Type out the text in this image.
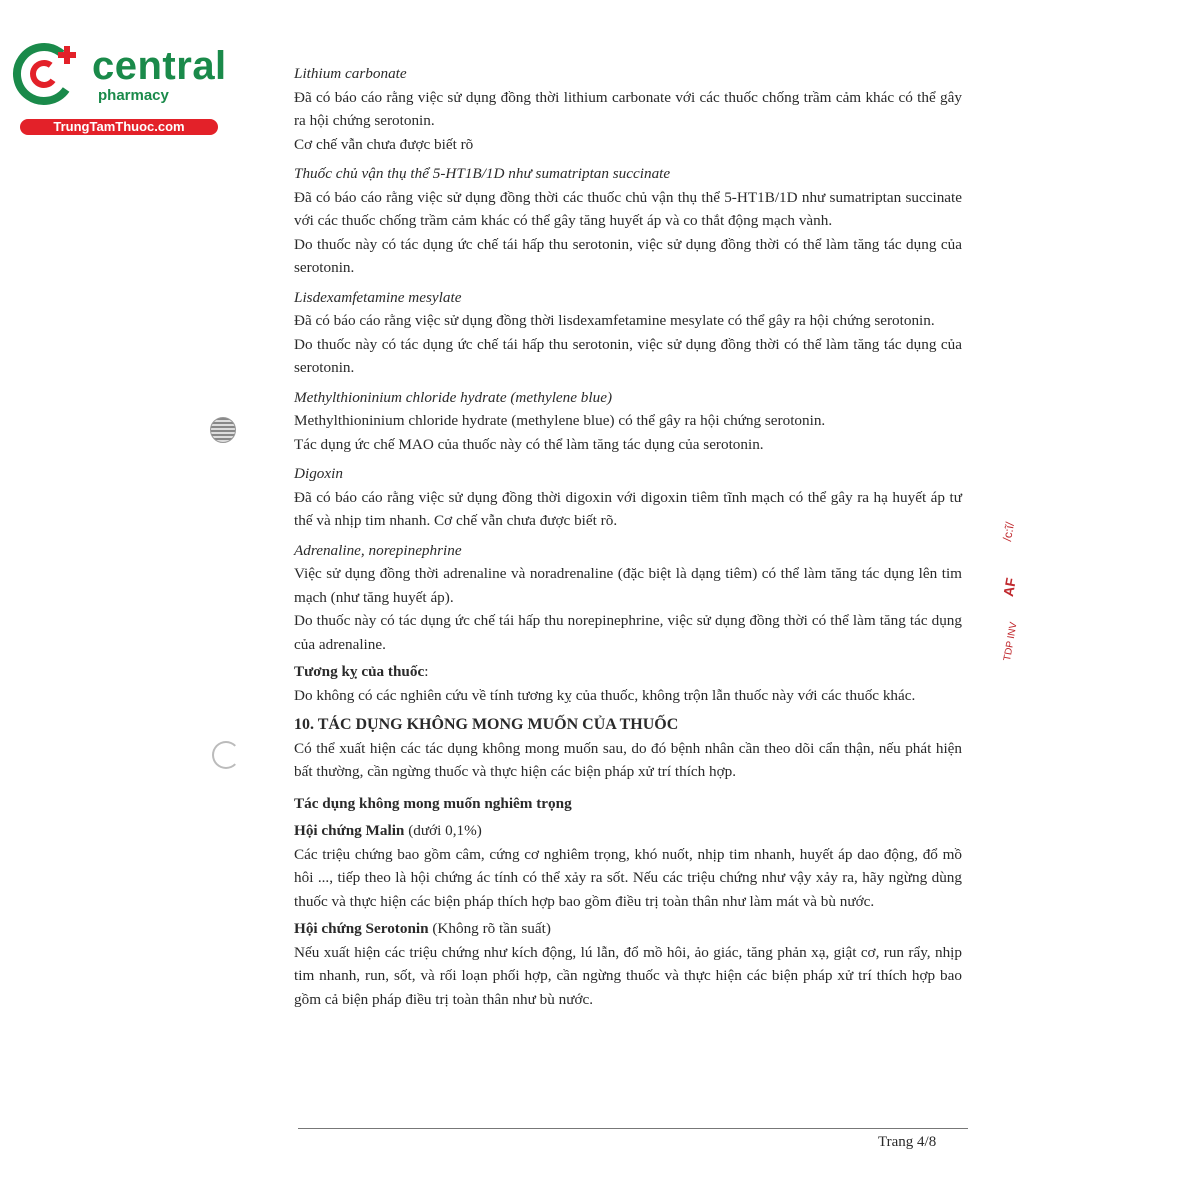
central
pharmacy
TrungTamThuoc.com
/c:ĩ/
AF
TDP INV

Lithium carbonate

Đã có báo cáo rằng việc sử dụng đồng thời lithium carbonate với các thuốc chống trầm cảm khác có thể gây ra hội chứng serotonin.

Cơ chế vẫn chưa được biết rõ

Thuốc chủ vận thụ thể 5-HT1B/1D như sumatriptan succinate

Đã có báo cáo rằng việc sử dụng đồng thời các thuốc chủ vận thụ thể 5-HT1B/1D như sumatriptan succinate với các thuốc chống trầm cảm khác có thể gây tăng huyết áp và co thắt động mạch vành.

Do thuốc này có tác dụng ức chế tái hấp thu serotonin, việc sử dụng đồng thời có thể làm tăng tác dụng của serotonin.

Lisdexamfetamine mesylate

Đã có báo cáo rằng việc sử dụng đồng thời lisdexamfetamine mesylate có thể gây ra hội chứng serotonin.

Do thuốc này có tác dụng ức chế tái hấp thu serotonin, việc sử dụng đồng thời có thể làm tăng tác dụng của serotonin.

Methylthioninium chloride hydrate (methylene blue)

Methylthioninium chloride hydrate (methylene blue) có thể gây ra hội chứng serotonin.

Tác dụng ức chế MAO của thuốc này có thể làm tăng tác dụng của serotonin.

Digoxin

Đã có báo cáo rằng việc sử dụng đồng thời digoxin với digoxin tiêm tĩnh mạch có thể gây ra hạ huyết áp tư thế và nhịp tim nhanh. Cơ chế vẫn chưa được biết rõ.

Adrenaline, norepinephrine

Việc sử dụng đồng thời adrenaline và noradrenaline (đặc biệt là dạng tiêm) có thể làm tăng tác dụng lên tim mạch (như tăng huyết áp).

Do thuốc này có tác dụng ức chế tái hấp thu norepinephrine, việc sử dụng đồng thời có thể làm tăng tác dụng của adrenaline.

Tương kỵ của thuốc:

Do không có các nghiên cứu về tính tương kỵ của thuốc, không trộn lẫn thuốc này với các thuốc khác.

10. TÁC DỤNG KHÔNG MONG MUỐN CỦA THUỐC

Có thể xuất hiện các tác dụng không mong muốn sau, do đó bệnh nhân cần theo dõi cẩn thận, nếu phát hiện bất thường, cần ngừng thuốc và thực hiện các biện pháp xử trí thích hợp.

Tác dụng không mong muốn nghiêm trọng

Hội chứng Malin (dưới 0,1%)

Các triệu chứng bao gồm câm, cứng cơ nghiêm trọng, khó nuốt, nhịp tim nhanh, huyết áp dao động, đổ mồ hôi ..., tiếp theo là hội chứng ác tính có thể xảy ra sốt. Nếu các triệu chứng như vậy xảy ra, hãy ngừng dùng thuốc và thực hiện các biện pháp thích hợp bao gồm điều trị toàn thân như làm mát và bù nước.

Hội chứng Serotonin (Không rõ tần suất)

Nếu xuất hiện các triệu chứng như kích động, lú lẫn, đổ mồ hôi, ảo giác, tăng phản xạ, giật cơ, run rẩy, nhịp tim nhanh, run, sốt, và rối loạn phối hợp, cần ngừng thuốc và thực hiện các biện pháp xử trí thích hợp bao gồm cả biện pháp điều trị toàn thân như bù nước.

Trang 4/8
